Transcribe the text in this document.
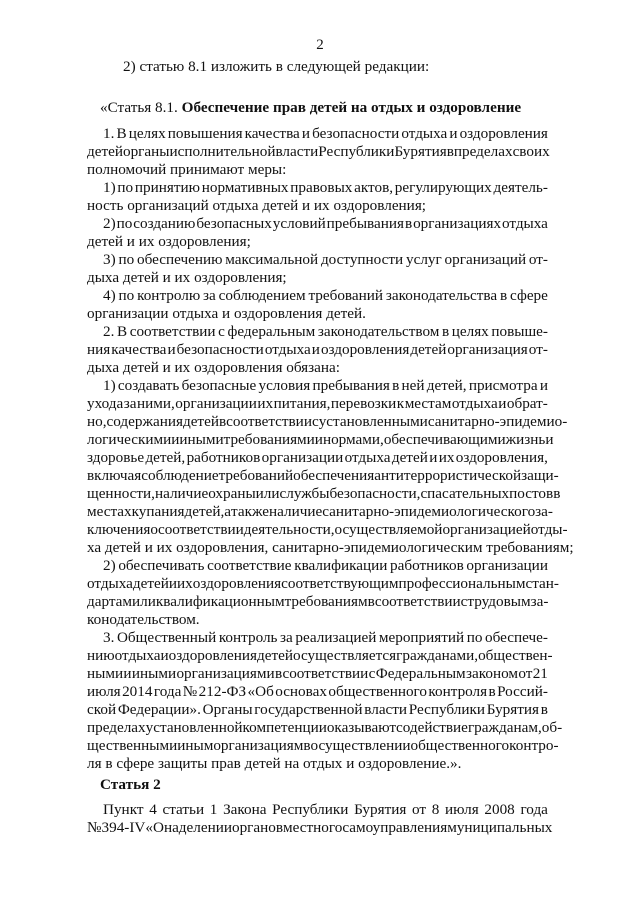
2
2) статью 8.1 изложить в следующей редакции:
«Статья 8.1. Обеспечение прав детей на отдых и оздоровление
1. В целях повышения качества и безопасности отдыха и оздоровления
детей органы исполнительной власти Республики Бурятия в пределах своих
полномочий принимают меры:
1) по принятию нормативных правовых актов, регулирующих деятель-
ность организаций отдыха детей и их оздоровления;
2) по созданию безопасных условий пребывания в организациях отдыха
детей и их оздоровления;
3) по обеспечению максимальной доступности услуг организаций от-
дыха детей и их оздоровления;
4) по контролю за соблюдением требований законодательства в сфере
организации отдыха и оздоровления детей.
2. В соответствии с федеральным законодательством в целях повыше-
ния качества и безопасности отдыха и оздоровления детей организация от-
дыха детей и их оздоровления обязана:
1) создавать безопасные условия пребывания в ней детей, присмотра и
ухода за ними, организации их питания, перевозки к местам отдыха и обрат-
но, содержания детей в соответствии с установленными санитарно-эпидемио-
логическими и иными требованиями и нормами, обеспечивающими жизнь и
здоровье детей, работников организации отдыха детей и их оздоровления,
включая соблюдение требований обеспечения антитеррористической защи-
щенности, наличие охраны или службы безопасности, спасательных постов в
местах купания детей, а также наличие санитарно-эпидемиологического за-
ключения о соответствии деятельности, осуществляемой организацией отды-
ха детей и их оздоровления, санитарно-эпидемиологическим требованиям;
2) обеспечивать соответствие квалификации работников организации
отдыха детей и их оздоровления соответствующим профессиональным стан-
дартам или квалификационным требованиям в соответствии с трудовым за-
конодательством.
3. Общественный контроль за реализацией мероприятий по обеспече-
нию отдыха и оздоровления детей осуществляется гражданами, обществен-
ными и иными организациями в соответствии с Федеральным законом от 21
июля 2014 года № 212-ФЗ «Об основах общественного контроля в Россий-
ской Федерации». Органы государственной власти Республики Бурятия в
пределах установленной компетенции оказывают содействие гражданам, об-
щественным и иным организациям в осуществлении общественного контро-
ля в сфере защиты прав детей на отдых и оздоровление.».
Статья 2
Пункт 4 статьи 1 Закона Республики Бурятия от 8 июля 2008 года
№ 394-IV «О наделении органов местного самоуправления муниципальных
